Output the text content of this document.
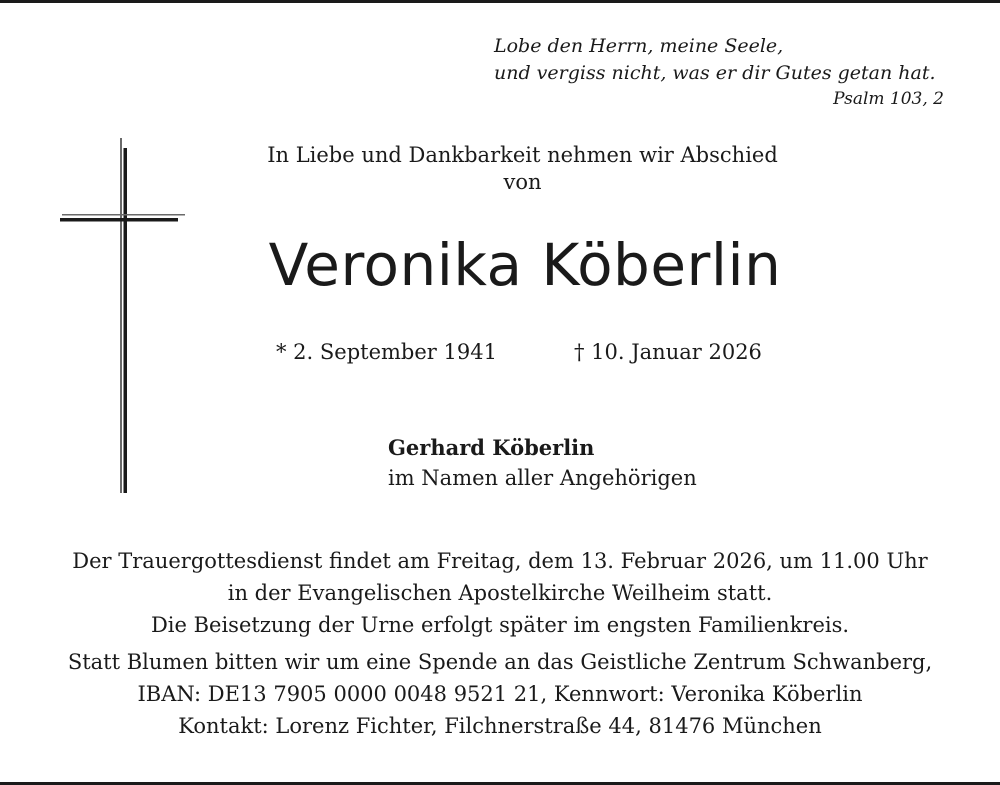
Lobe den Herrn, meine Seele,
und vergiss nicht, was er dir Gutes getan hat.
Psalm 103, 2
In Liebe und Dankbarkeit nehmen wir Abschied
von
Veronika Köberlin
* 2. September 1941	† 10. Januar 2026
Gerhard Köberlin
im Namen aller Angehörigen
Der Trauergottesdienst findet am Freitag, dem 13. Februar 2026, um 11.00 Uhr
in der Evangelischen Apostelkirche Weilheim statt.
Die Beisetzung der Urne erfolgt später im engsten Familienkreis.
Statt Blumen bitten wir um eine Spende an das Geistliche Zentrum Schwanberg,
IBAN: DE13 7905 0000 0048 9521 21, Kennwort: Veronika Köberlin
Kontakt: Lorenz Fichter, Filchnerstraße 44, 81476 München
